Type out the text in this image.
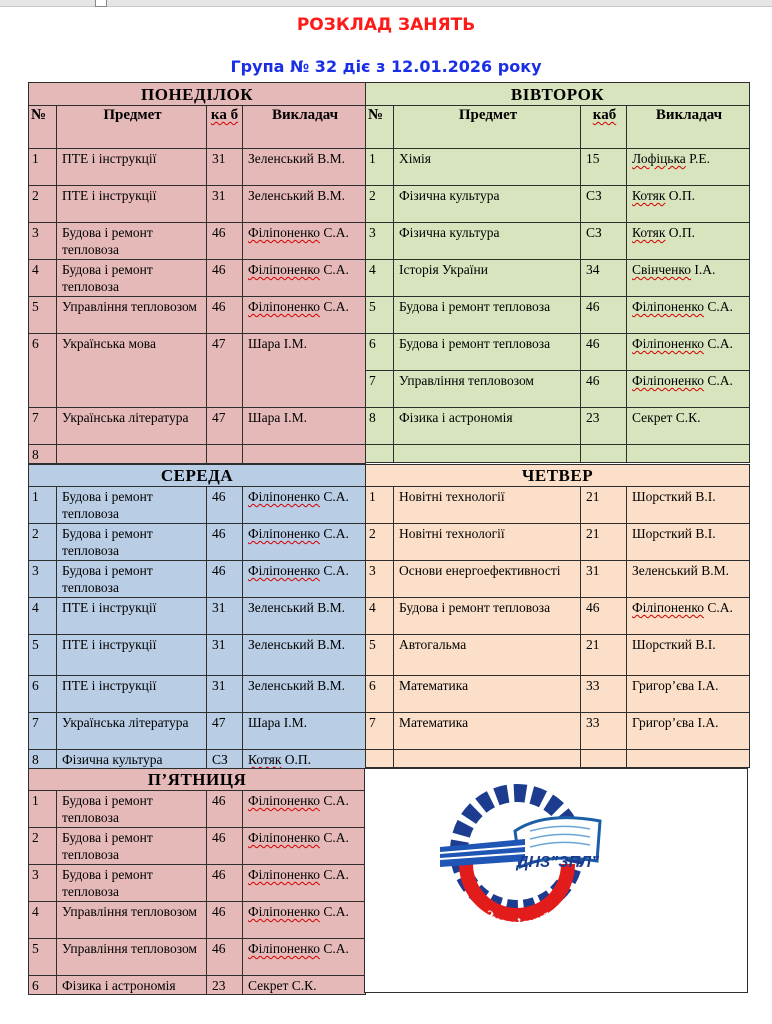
РОЗКЛАД ЗАНЯТЬ
Група № 32 діє з 12.01.2026 року
ПОНЕДІЛОК			
№	Предмет	ка б	Викладач
1	ПТЕ і інструкції	31	Зеленський В.М.
2	ПТЕ і інструкції	31	Зеленський В.М.
3	Будова і ремонт тепловоза	46	Філіпоненко С.А.
4	Будова і ремонт тепловоза	46	Філіпоненко С.А.
5	Управління тепловозом	46	Філіпоненко С.А.
6	Українська мова	47	Шара І.М.
7	Українська література	47	Шара І.М.
8			
ВІВТОРОК			
№	Предмет	каб	Викладач
1	Хімія	15	Лофіцька Р.Е.
2	Фізична культура	СЗ	Котяк О.П.
3	Фізична культура	СЗ	Котяк О.П.
4	Історія України	34	Свінченко І.А.
5	Будова і ремонт тепловоза	46	Філіпоненко С.А.
6	Будова і ремонт тепловоза	46	Філіпоненко С.А.
7	Управління тепловозом	46	Філіпоненко С.А.
8	Фізика і астрономія	23	Секрет С.К.

СЕРЕДА			
1	Будова і ремонт тепловоза	46	Філіпоненко С.А.
2	Будова і ремонт тепловоза	46	Філіпоненко С.А.
3	Будова і ремонт тепловоза	46	Філіпоненко С.А.
4	ПТЕ і інструкції	31	Зеленський В.М.
5	ПТЕ і інструкції	31	Зеленський В.М.
6	ПТЕ і інструкції	31	Зеленський В.М.
7	Українська література	47	Шара І.М.
8	Фізична культура	СЗ	Котяк О.П.
ЧЕТВЕР			
1	Новітні технології	21	Шорсткий В.І.
2	Новітні технології	21	Шорсткий В.І.
3	Основи енергоефективності	31	Зеленський В.М.
4	Будова і ремонт тепловоза	46	Філіпоненко С.А.
5	Автогальма	21	Шорсткий В.І.
6	Математика	33	Григор’єва І.А.
7	Математика	33	Григор’єва І.А.

П’ЯТНИЦЯ			
1	Будова і ремонт тепловоза	46	Філіпоненко С.А.
2	Будова і ремонт тепловоза	46	Філіпоненко С.А.
3	Будова і ремонт тепловоза	46	Філіпоненко С.А.
4	Управління тепловозом	46	Філіпоненко С.А.
5	Управління тепловозом	46	Філіпоненко С.А.
6	Фізика і астрономія	23	Секрет С.К.
ДНЗ”ЗПЛ”
Знам’янка
